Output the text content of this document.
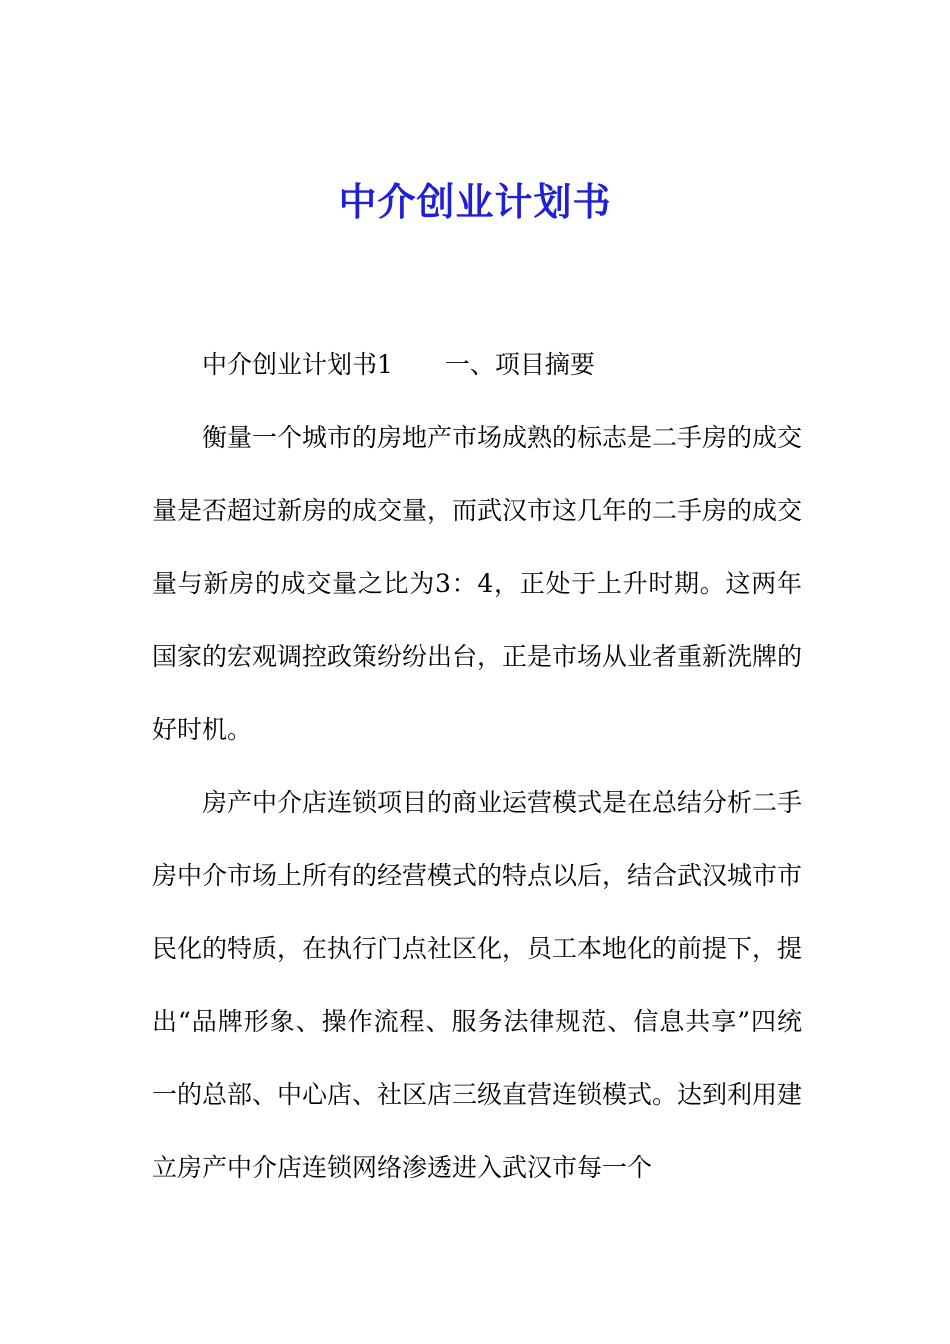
中介创业计划书

中介创业计划书1 一、项目摘要

衡量一个城市的房地产市场成熟的标志是二手房的成交量是否超过新房的成交量，而武汉市这几年的二手房的成交量与新房的成交量之比为3：4，正处于上升时期。这两年国家的宏观调控政策纷纷出台，正是市场从业者重新洗牌的好时机。

房产中介店连锁项目的商业运营模式是在总结分析二手房中介市场上所有的经营模式的特点以后，结合武汉城市市民化的特质，在执行门点社区化，员工本地化的前提下，提出“品牌形象、操作流程、服务法律规范、信息共享”四统一的总部、中心店、社区店三级直营连锁模式。达到利用建立房产中介店连锁网络渗透进入武汉市每一个
